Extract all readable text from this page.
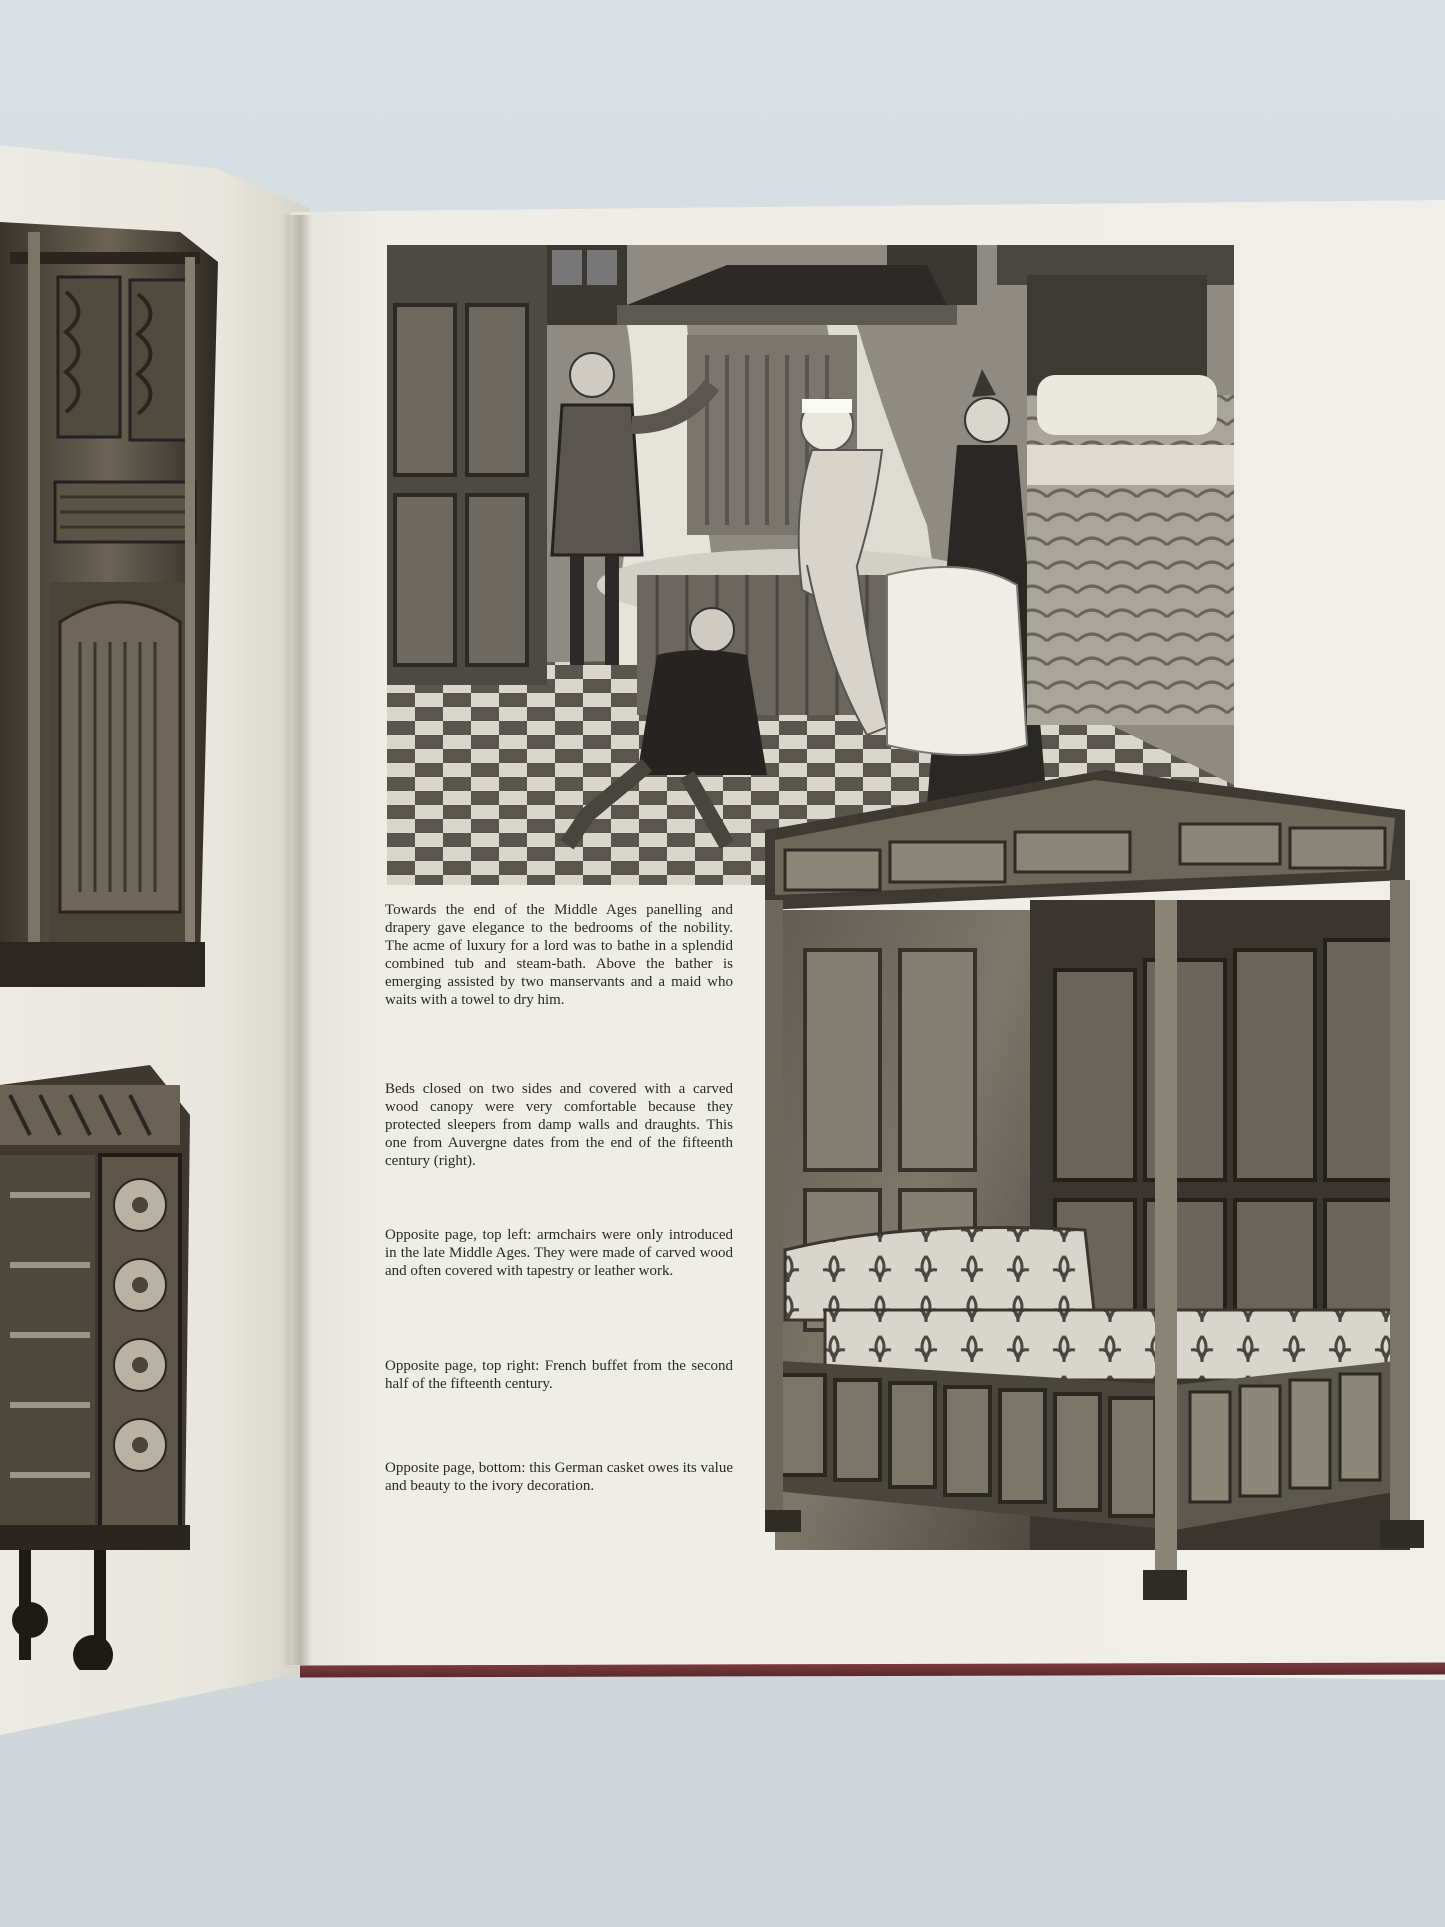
Towards the end of the Middle Ages panelling and drapery gave elegance to the bedrooms of the nobility. The acme of luxury for a lord was to bathe in a splendid combined tub and steam-bath. Above the bather is emerging assisted by two manservants and a maid who waits with a towel to dry him.

Beds closed on two sides and covered with a carved wood canopy were very comfortable because they protected sleepers from damp walls and draughts. This one from Auvergne dates from the end of the fifteenth century (right).

Opposite page, top left: armchairs were only introduced in the late Middle Ages. They were made of carved wood and often covered with tapestry or leather work.

Opposite page, top right: French buffet from the second half of the fifteenth century.

Opposite page, bottom: this German casket owes its value and beauty to the ivory decoration.
